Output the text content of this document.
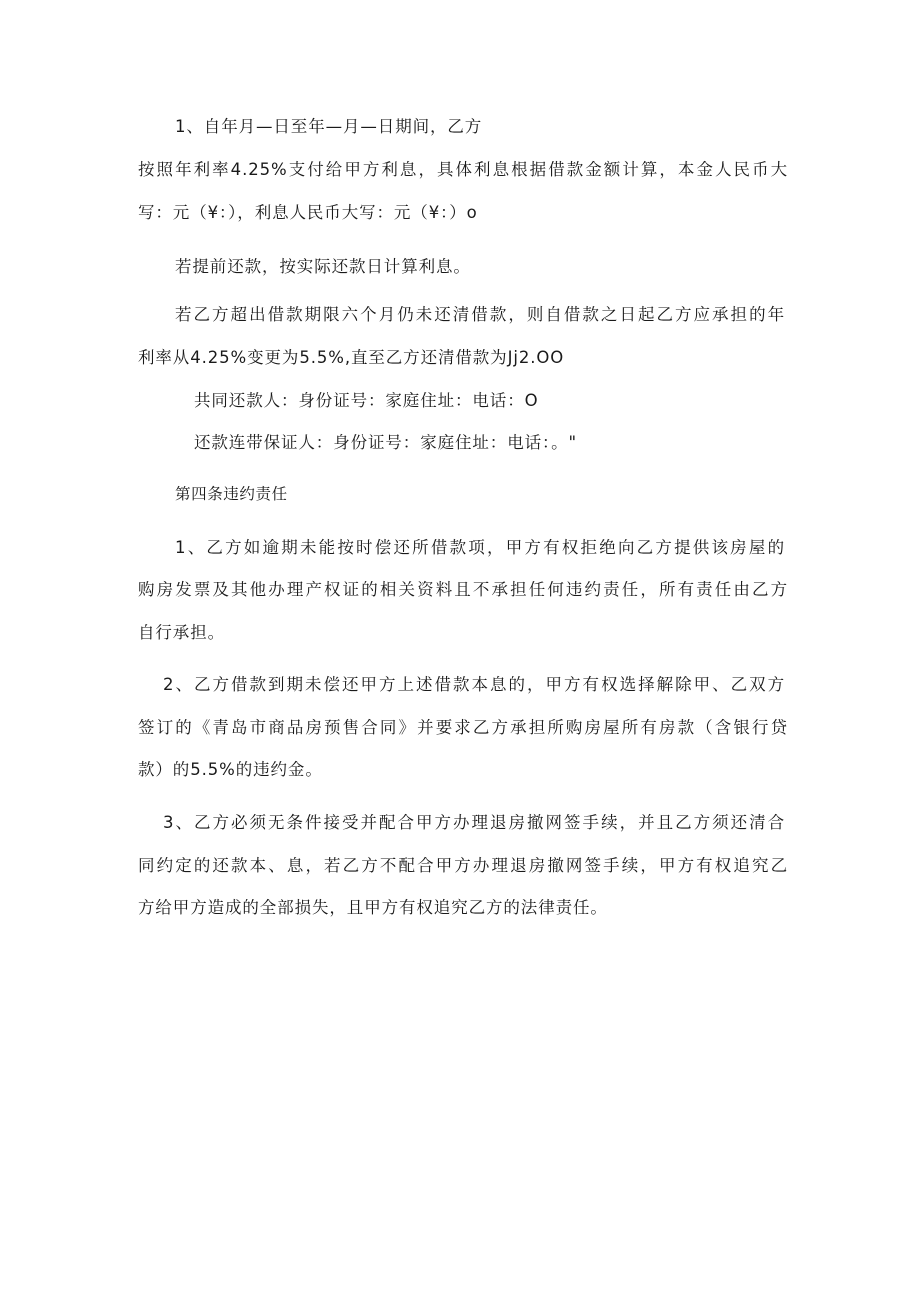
1、自年月—日至年—月—日期间，乙方
按照年利率4.25%支付给甲方利息，具体利息根据借款金额计算，本金人民币大
写：元（¥：），利息人民币大写：元（¥：）o
若提前还款，按实际还款日计算利息。
若乙方超出借款期限六个月仍未还清借款，则自借款之日起乙方应承担的年
利率从4.25%变更为5.5%,直至乙方还清借款为Jj2.OO
共同还款人：身份证号：家庭住址：电话：O
还款连带保证人：身份证号：家庭住址：电话：。"
第四条违约责任
1、乙方如逾期未能按时偿还所借款项，甲方有权拒绝向乙方提供该房屋的
购房发票及其他办理产权证的相关资料且不承担任何违约责任，所有责任由乙方
自行承担。
2、乙方借款到期未偿还甲方上述借款本息的，甲方有权选择解除甲、乙双方
签订的《青岛市商品房预售合同》并要求乙方承担所购房屋所有房款（含银行贷
款）的5.5%的违约金。
3、乙方必须无条件接受并配合甲方办理退房撤网签手续，并且乙方须还清合
同约定的还款本、息，若乙方不配合甲方办理退房撤网签手续，甲方有权追究乙
方给甲方造成的全部损失，且甲方有权追究乙方的法律责任。
